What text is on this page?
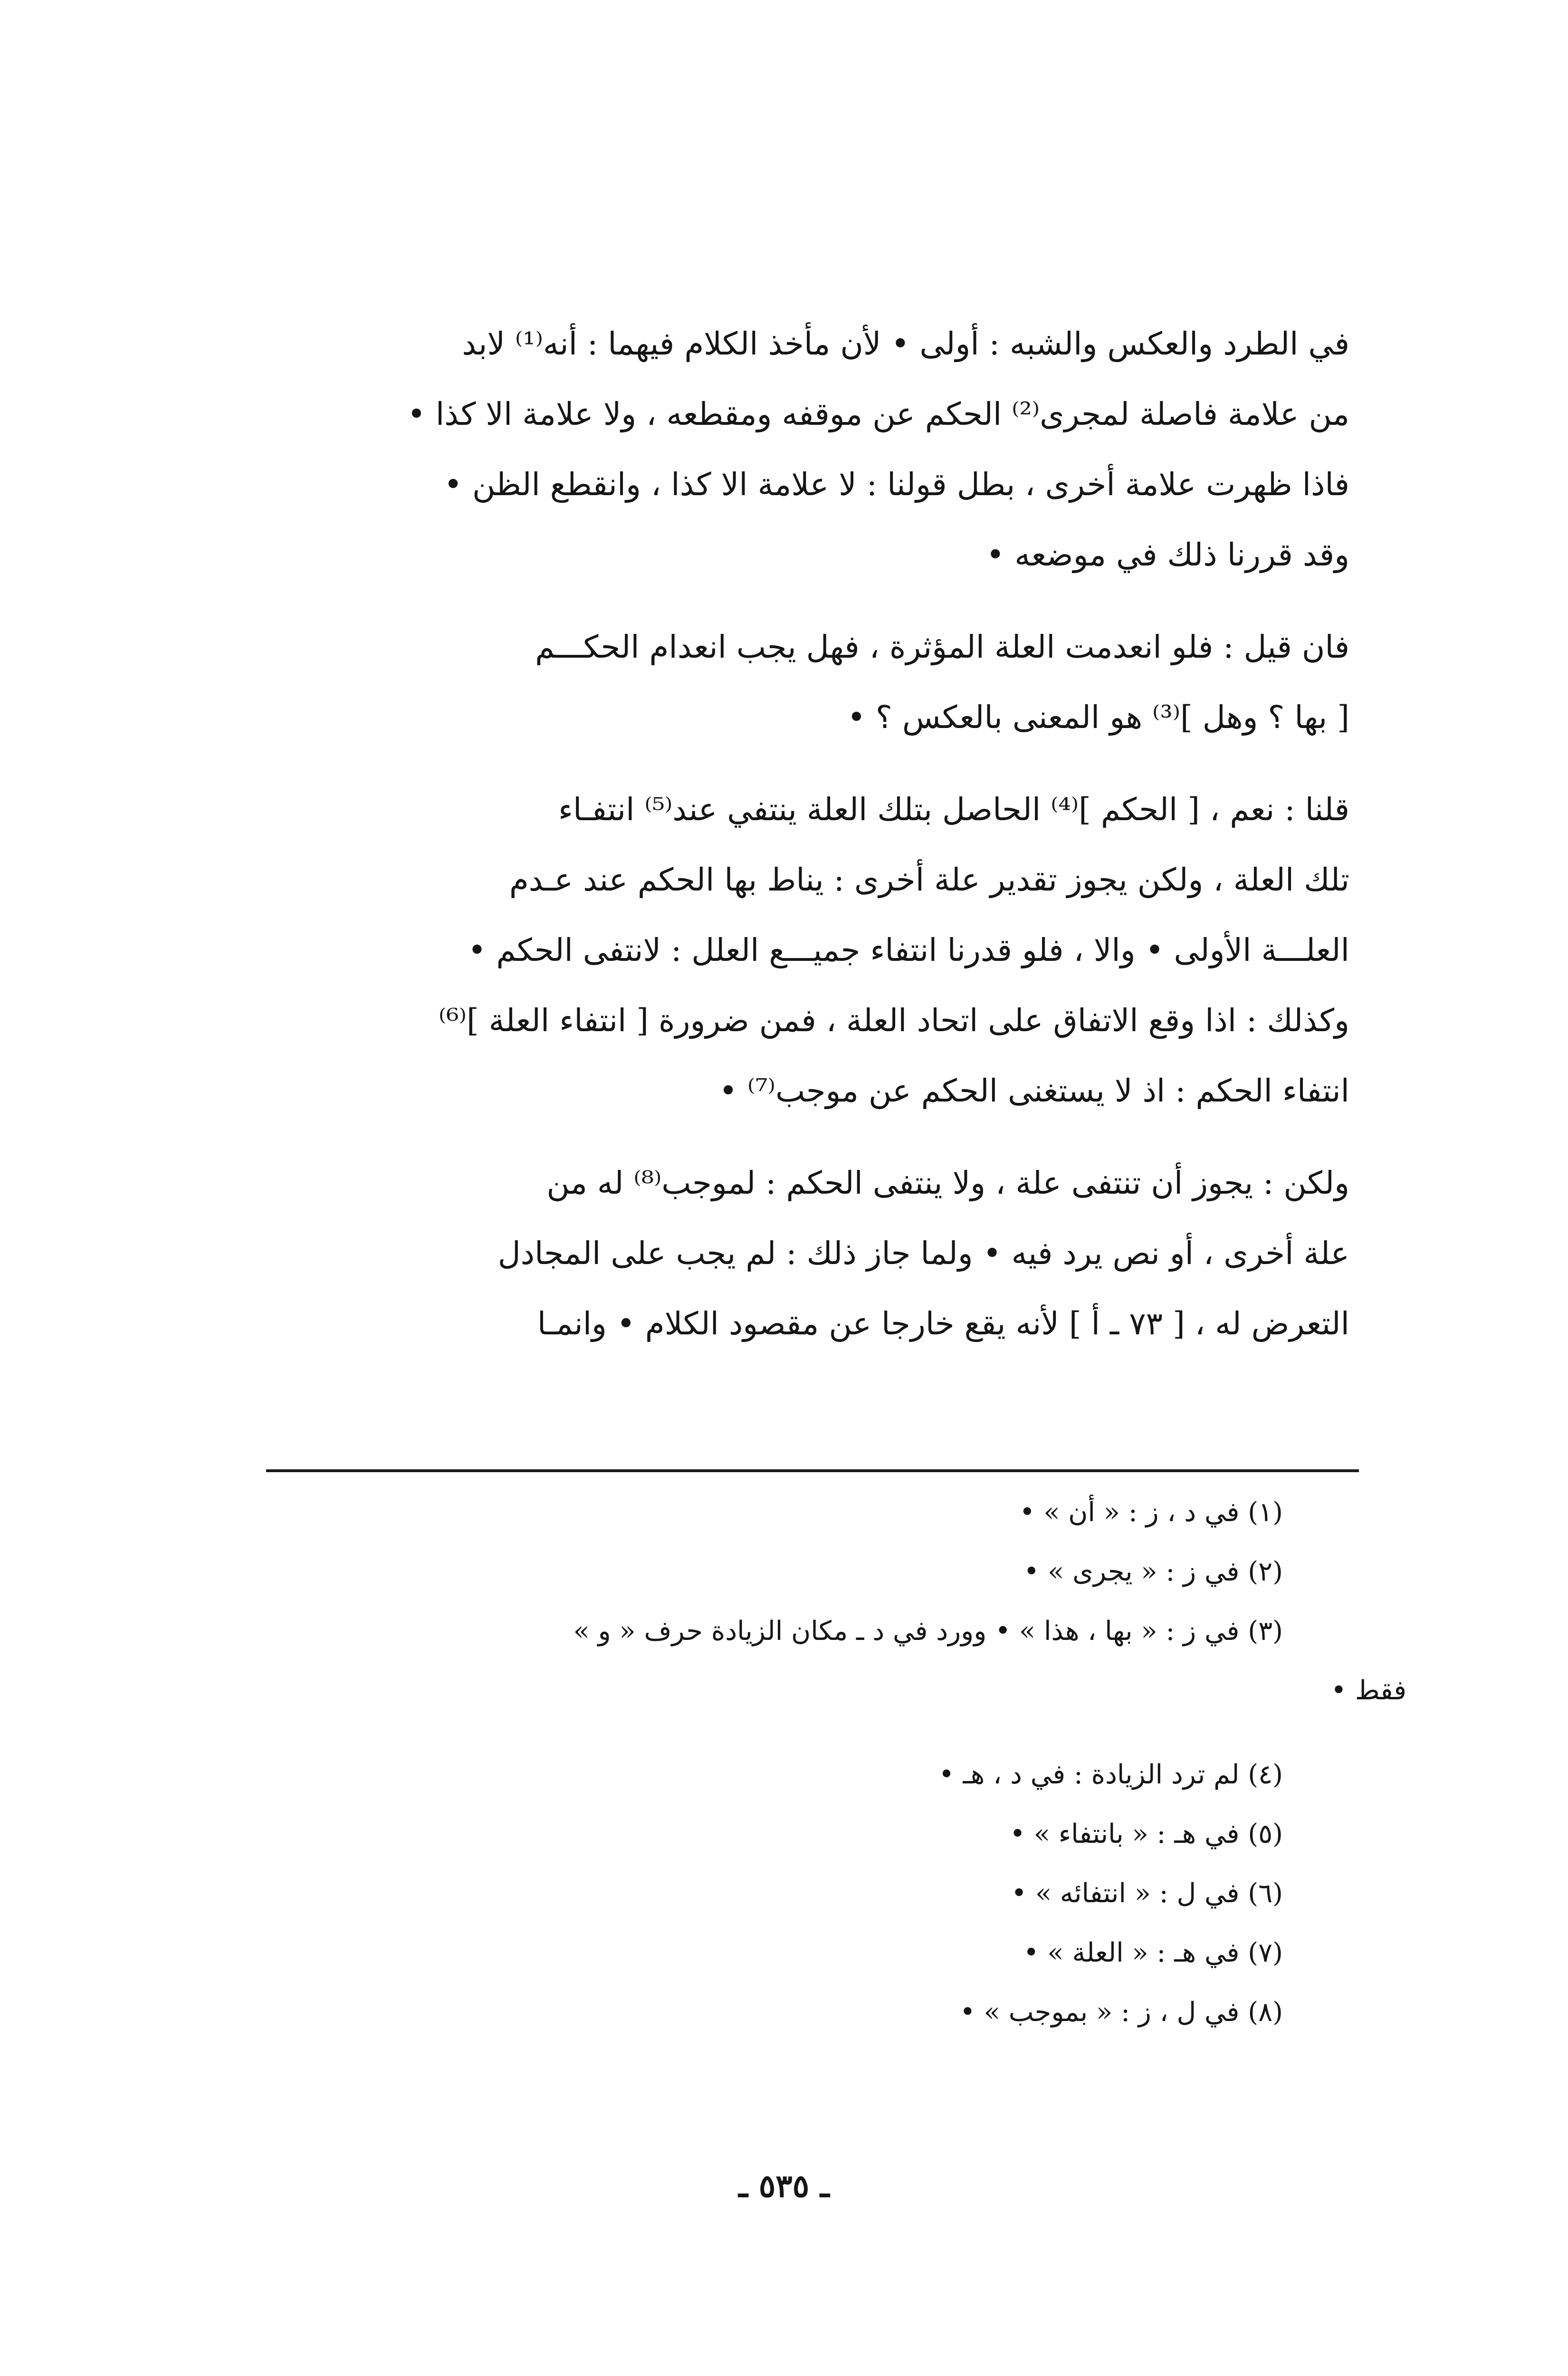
في الطرد والعكس والشبه : أولى • لأن مأخذ الكلام فيهما : أنه⁽¹⁾ لابد
من علامة فاصلة لمجرى⁽²⁾ الحكم عن موقفه ومقطعه ، ولا علامة الا كذا •
فاذا ظهرت علامة أخرى ، بطل قولنا : لا علامة الا كذا ، وانقطع الظن •
وقد قررنا ذلك في موضعه •

فان قيل : فلو انعدمت العلة المؤثرة ، فهل يجب انعدام الحكـــم
[ بها ؟ وهل ]⁽³⁾ هو المعنى بالعكس ؟ •

قلنا : نعم ، [ الحكم ]⁽⁴⁾ الحاصل بتلك العلة ينتفي عند⁽⁵⁾ انتفـاء
تلك العلة ، ولكن يجوز تقدير علة أخرى : يناط بها الحكم عند عـدم
العلـــة الأولى • والا ، فلو قدرنا انتفاء جميـــع العلل : لانتفى الحكم •
وكذلك : اذا وقع الاتفاق على اتحاد العلة ، فمن ضرورة [ انتفاء العلة ]⁽⁶⁾
انتفاء الحكم : اذ لا يستغنى الحكم عن موجب⁽⁷⁾ •

ولكن : يجوز أن تنتفى علة ، ولا ينتفى الحكم : لموجب⁽⁸⁾ له من
علة أخرى ، أو نص يرد فيه • ولما جاز ذلك : لم يجب على المجادل
التعرض له ، [ ٧٣ ـ أ ] لأنه يقع خارجا عن مقصود الكلام • وانمـا

(١) في د ، ز : « أن » •

(٢) في ز : « يجرى » •

(٣) في ز : « بها ، هذا » • وورد في د ـ مكان الزيادة حرف « و »

فقط •

(٤) لم ترد الزيادة : في د ، هـ •

(٥) في هـ : « بانتفاء » •

(٦) في ل : « انتفائه » •

(٧) في هـ : « العلة » •

(٨) في ل ، ز : « بموجب » •

ـ ٥٣٥ ـ
